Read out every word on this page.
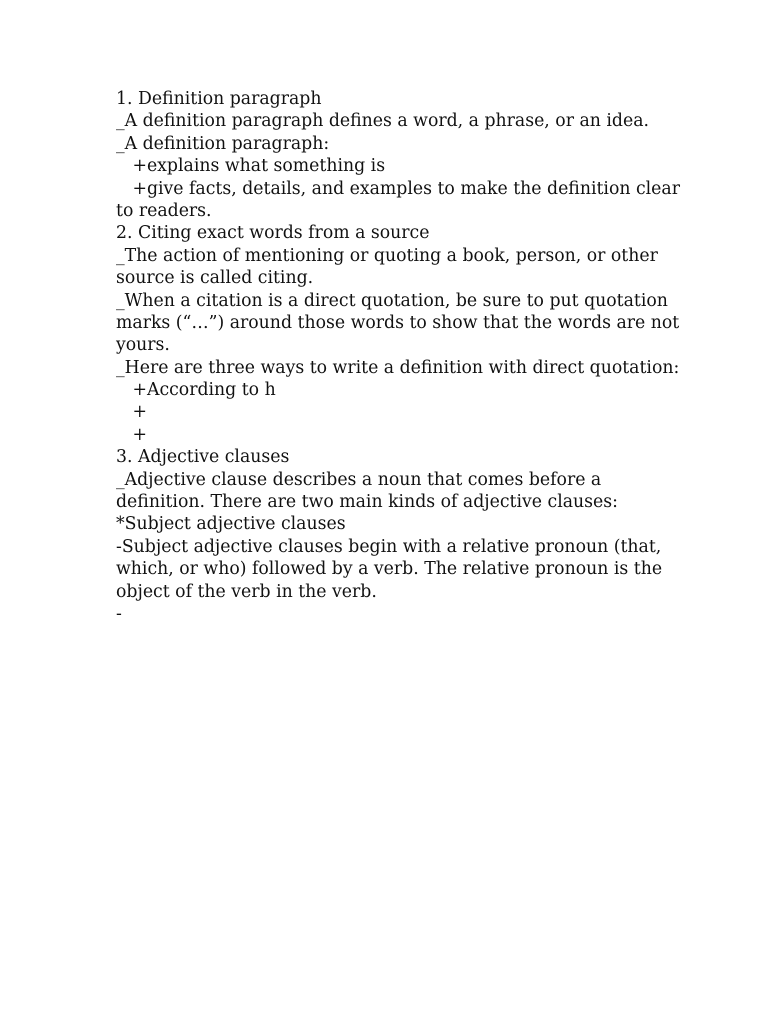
1. Definition paragraph
_A definition paragraph defines a word, a phrase, or an idea.
_A definition paragraph:
+explains what something is
+give facts, details, and examples to make the definition clear
to readers.
2. Citing exact words from a source
_The action of mentioning or quoting a book, person, or other
source is called citing.
_When a citation is a direct quotation, be sure to put quotation
marks (“…”) around those words to show that the words are not
yours.
_Here are three ways to write a definition with direct quotation:
+According to h
+
+
3. Adjective clauses
_Adjective clause describes a noun that comes before a
definition. There are two main kinds of adjective clauses:
*Subject adjective clauses
-Subject adjective clauses begin with a relative pronoun (that,
which, or who) followed by a verb. The relative pronoun is the
object of the verb in the verb.
-
